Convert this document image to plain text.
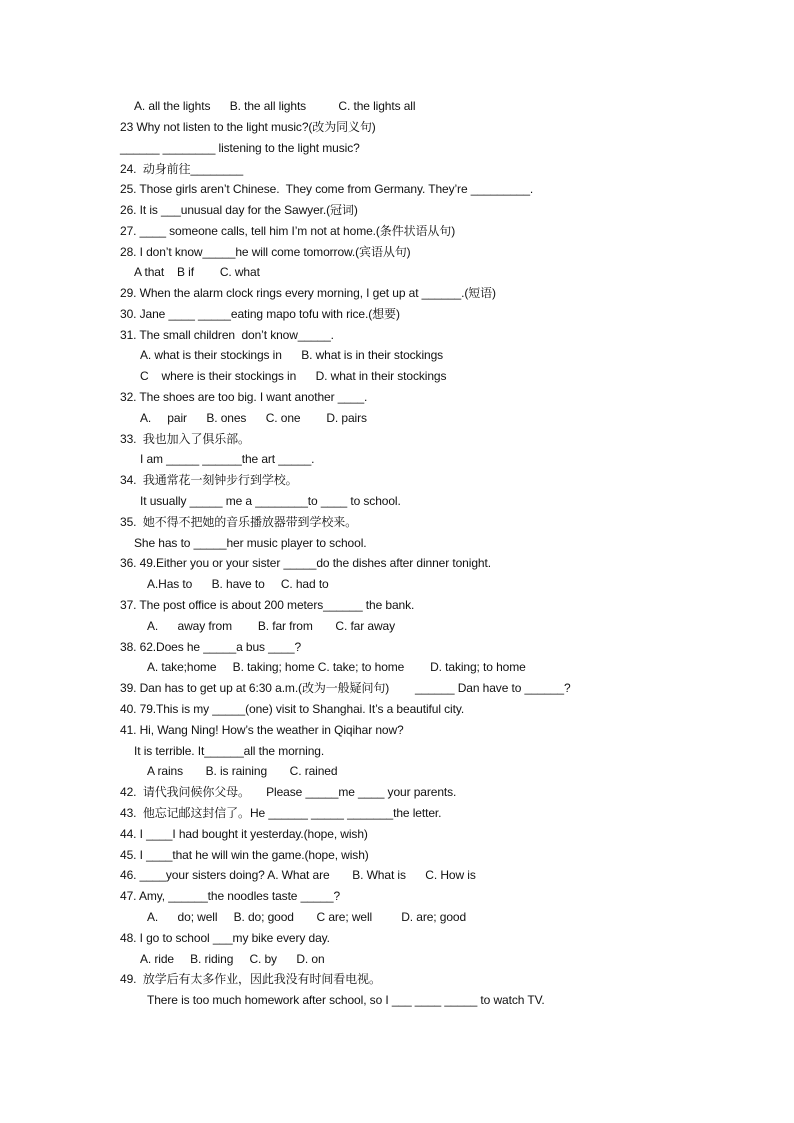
A. all the lights      B. the all lights          C. the lights all
23 Why not listen to the light music?(改为同义句)
______ ________ listening to the light music?
24.  动身前往________
25. Those girls aren’t Chinese.  They come from Germany. They’re _________.
26. It is ___unusual day for the Sawyer.(冠词)
27. ____ someone calls, tell him I’m not at home.(条件状语从句)
28. I don’t know_____he will come tomorrow.(宾语从句)
A that    B if        C. what
29. When the alarm clock rings every morning, I get up at ______.(短语)
30. Jane ____ _____eating mapo tofu with rice.(想要)
31. The small children  don’t know_____.
A. what is their stockings in      B. what is in their stockings
C    where is their stockings in      D. what in their stockings
32. The shoes are too big. I want another ____.
A.     pair      B. ones      C. one        D. pairs
33.  我也加入了俱乐部。
I am _____ ______the art _____.
34.  我通常花一刻钟步行到学校。
It usually _____ me a ________to ____ to school.
35.  她不得不把她的音乐播放器带到学校来。
She has to _____her music player to school.
36. 49.Either you or your sister _____do the dishes after dinner tonight.
A.Has to      B. have to     C. had to
37. The post office is about 200 meters______ the bank.
A.      away from        B. far from       C. far away
38. 62.Does he _____a bus ____?
A. take;home     B. taking; home C. take; to home        D. taking; to home
39. Dan has to get up at 6:30 a.m.(改为一般疑问句)        ______ Dan have to ______?
40. 79.This is my _____(one) visit to Shanghai. It’s a beautiful city.
41. Hi, Wang Ning! How’s the weather in Qiqihar now?
It is terrible. It______all the morning.
A rains       B. is raining       C. rained
42.  请代我问候你父母。     Please _____me ____ your parents.
43.  他忘记邮这封信了。He ______ _____ _______the letter.
44. I ____I had bought it yesterday.(hope, wish)
45. I ____that he will win the game.(hope, wish)
46. ____your sisters doing? A. What are       B. What is      C. How is
47. Amy, ______the noodles taste _____?
A.      do; well     B. do; good       C are; well         D. are; good
48. I go to school ___my bike every day.
A. ride     B. riding     C. by      D. on
49.  放学后有太多作业，因此我没有时间看电视。
There is too much homework after school, so I ___ ____ _____ to watch TV.
